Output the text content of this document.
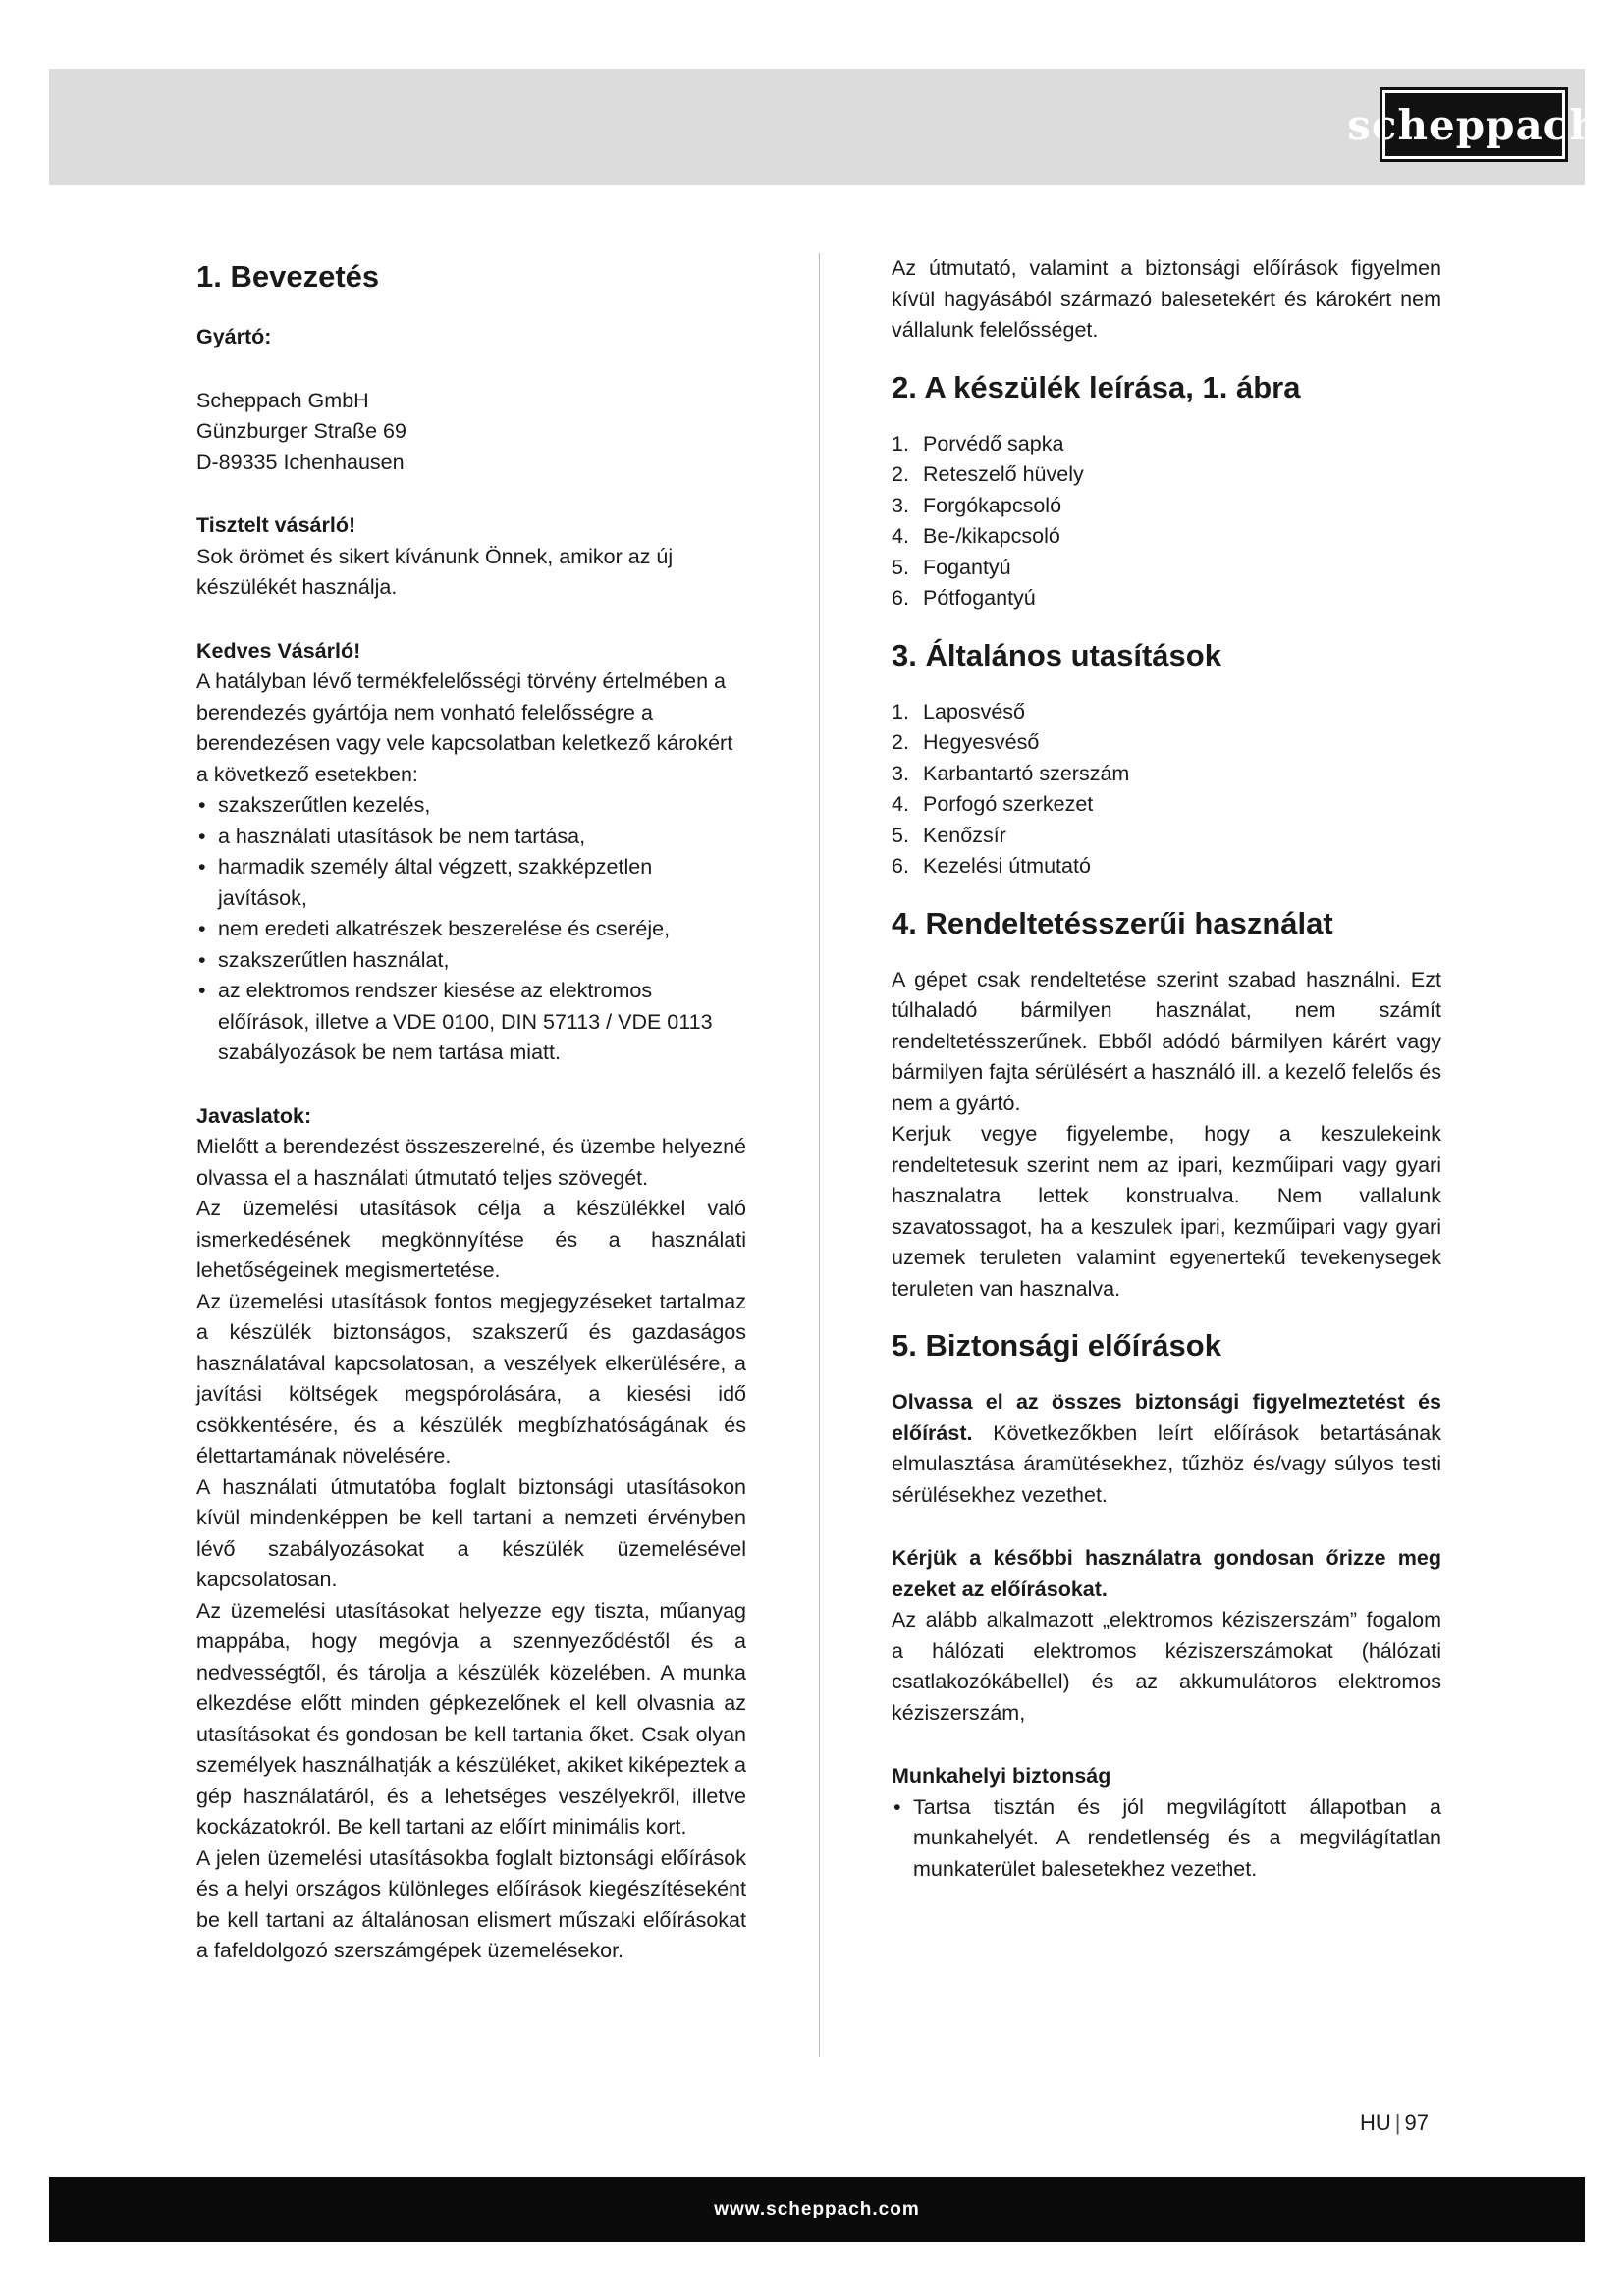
scheppach
1. Bevezetés

Gyártó:

Scheppach GmbH

Günzburger Straße 69

D-89335 Ichenhausen

Tisztelt vásárló!

Sok örömet és sikert kívánunk Önnek, amikor az új készülékét használja.

Kedves Vásárló!

A hatályban lévő termékfelelősségi törvény értelmében a berendezés gyártója nem vonható felelősségre a berendezésen vagy vele kapcsolatban keletkező károkért a következő esetekben:

• szakszerűtlen kezelés,
• a használati utasítások be nem tartása,
• harmadik személy által végzett, szakképzetlen javítások,
• nem eredeti alkatrészek beszerelése és cseréje,
• szakszerűtlen használat,
• az elektromos rendszer kiesése az elektromos előírások, illetve a VDE 0100, DIN 57113 / VDE 0113 szabályozások be nem tartása miatt.

Javaslatok:

Mielőtt a berendezést összeszerelné, és üzembe helyezné olvassa el a használati útmutató teljes szövegét.

Az üzemelési utasítások célja a készülékkel való ismerkedésének megkönnyítése és a használati lehetőségeinek megismertetése.

Az üzemelési utasítások fontos megjegyzéseket tartalmaz a készülék biztonságos, szakszerű és gazdaságos használatával kapcsolatosan, a veszélyek elkerülésére, a javítási költségek megspórolására, a kiesési idő csökkentésére, és a készülék megbízhatóságának és élettartamának növelésére.

A használati útmutatóba foglalt biztonsági utasításokon kívül mindenképpen be kell tartani a nemzeti érvényben lévő szabályozásokat a készülék üzemelésével kapcsolatosan.

Az üzemelési utasításokat helyezze egy tiszta, műanyag mappába, hogy megóvja a szennyeződéstől és a nedvességtől, és tárolja a készülék közelében. A munka elkezdése előtt minden gépkezelőnek el kell olvasnia az utasításokat és gondosan be kell tartania őket. Csak olyan személyek használhatják a készüléket, akiket kiképeztek a gép használatáról, és a lehetséges veszélyekről, illetve kockázatokról. Be kell tartani az előírt minimális kort.

A jelen üzemelési utasításokba foglalt biztonsági előírások és a helyi országos különleges előírások kiegészítéseként be kell tartani az általánosan elismert műszaki előírásokat a fafeldolgozó szerszámgépek üzemelésekor.

Az útmutató, valamint a biztonsági előírások figyelmen kívül hagyásából származó balesetekért és károkért nem vállalunk felelősséget.

2. A készülék leírása, 1. ábra
1. Porvédő sapka
2. Reteszelő hüvely
3. Forgókapcsoló
4. Be-/kikapcsoló
5. Fogantyú
6. Pótfogantyú
3. Általános utasítások
1. Laposvéső
2. Hegyesvéső
3. Karbantartó szerszám
4. Porfogó szerkezet
5. Kenőzsír
6. Kezelési útmutató
4. Rendeltetésszerűi használat

A gépet csak rendeltetése szerint szabad használni. Ezt túlhaladó bármilyen használat, nem számít rendeltetésszerűnek. Ebből adódó bármilyen kárért vagy bármilyen fajta sérülésért a használó ill. a kezelő felelős és nem a gyártó.

Kerjuk vegye figyelembe, hogy a keszulekeink rendeltetesuk szerint nem az ipari, kezműipari vagy gyari hasznalatra lettek konstrualva. Nem vallalunk szavatossagot, ha a keszulek ipari, kezműipari vagy gyari uzemek teruleten valamint egyenertekű tevekenysegek teruleten van hasznalva.

5. Biztonsági előírások

Olvassa el az összes biztonsági figyelmeztetést és előírást. Következőkben leírt előírások betartásának elmulasztása áramütésekhez, tűzhöz és/vagy súlyos testi sérülésekhez vezethet.

Kérjük a későbbi használatra gondosan őrizze meg ezeket az előírásokat.

Az alább alkalmazott „elektromos kéziszerszám” fogalom a hálózati elektromos kéziszerszámokat (hálózati csatlakozókábellel) és az akkumulátoros elektromos kéziszerszám,

Munkahelyi biztonság

• Tartsa tisztán és jól megvilágított állapotban a munkahelyét. A rendetlenség és a megvilágítatlan munkaterület balesetekhez vezethet.
HU | 97
www.scheppach.com
